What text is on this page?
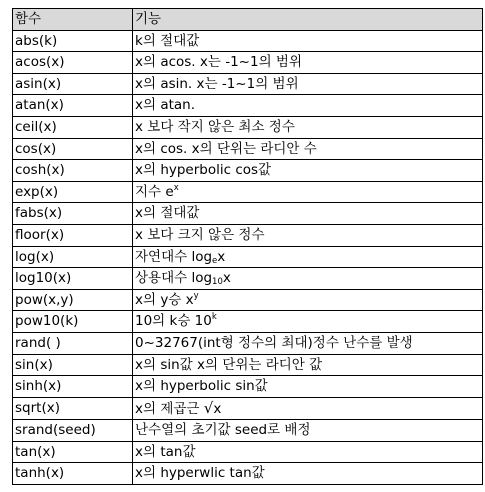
함수	기능
abs(k)	k의 절대값
acos(x)	x의 acos. x는 -1~1의 범위
asin(x)	x의 asin. x는 -1~1의 범위
atan(x)	x의 atan.
ceil(x)	x 보다 작지 않은 최소 정수
cos(x)	x의 cos. x의 단위는 라디안 수
cosh(x)	x의 hyperbolic cos값
exp(x)	지수 $e^x$
fabs(x)	x의 절대값
floor(x)	x 보다 크지 않은 정수
log(x)	자연대수 $\log_ex$
log10(x)	상용대수 $\log_{10}x$
pow(x,y)	x의 y승 $x^y$
pow10(k)	10의 k승 10$^k$
rand( )	0~32767(int형 정수의 최대)정수 난수를 발생
sin(x)	x의 sin값 x의 단위는 라디안 값
sinh(x)	x의 hyperbolic sin값
sqrt(x)	x의 제곱근 √x
srand(seed)	난수열의 초기값 seed로 배정
tan(x)	x의 tan값
tanh(x)	x의 hyperwlic tan값
